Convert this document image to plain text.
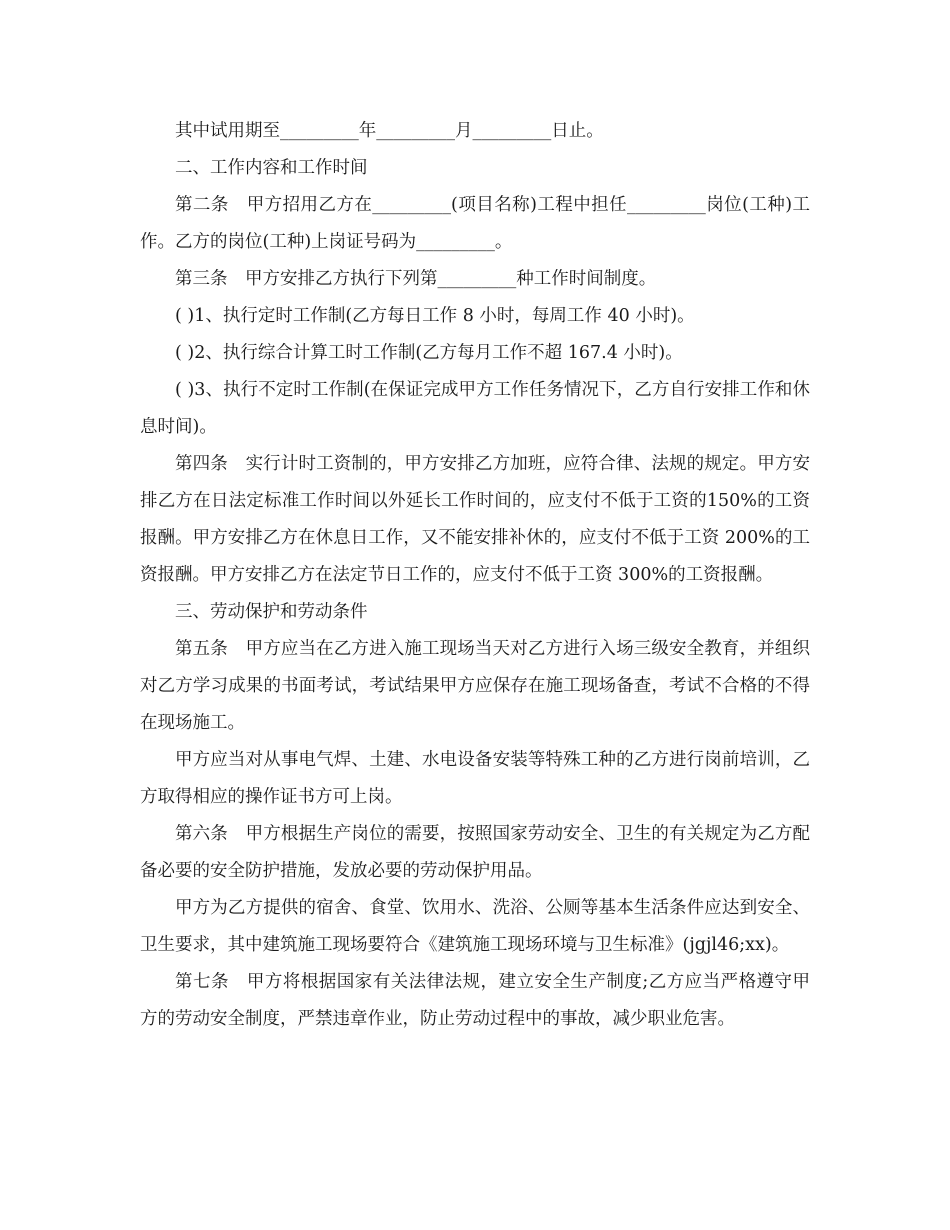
其中试用期至_________年_________月_________日止。

二、工作内容和工作时间

第二条　甲方招用乙方在_________(项目名称)工程中担任_________岗位(工种)工作。乙方的岗位(工种)上岗证号码为_________。

第三条　甲方安排乙方执行下列第_________种工作时间制度。

( )1、执行定时工作制(乙方每日工作 8 小时，每周工作 40 小时)。

( )2、执行综合计算工时工作制(乙方每月工作不超 167.4 小时)。

( )3、执行不定时工作制(在保证完成甲方工作任务情况下，乙方自行安排工作和休息时间)。

第四条　实行计时工资制的，甲方安排乙方加班，应符合律、法规的规定。甲方安排乙方在日法定标准工作时间以外延长工作时间的，应支付不低于工资的150%的工资报酬。甲方安排乙方在休息日工作，又不能安排补休的，应支付不低于工资 200%的工资报酬。甲方安排乙方在法定节日工作的，应支付不低于工资 300%的工资报酬。

三、劳动保护和劳动条件

第五条　甲方应当在乙方进入施工现场当天对乙方进行入场三级安全教育，并组织对乙方学习成果的书面考试，考试结果甲方应保存在施工现场备查，考试不合格的不得在现场施工。

甲方应当对从事电气焊、土建、水电设备安装等特殊工种的乙方进行岗前培训，乙方取得相应的操作证书方可上岗。

第六条　甲方根据生产岗位的需要，按照国家劳动安全、卫生的有关规定为乙方配备必要的安全防护措施，发放必要的劳动保护用品。

甲方为乙方提供的宿舍、食堂、饮用水、洗浴、公厕等基本生活条件应达到安全、卫生要求，其中建筑施工现场要符合《建筑施工现场环境与卫生标准》(jgjl46;xx)。

第七条　甲方将根据国家有关法律法规，建立安全生产制度;乙方应当严格遵守甲方的劳动安全制度，严禁违章作业，防止劳动过程中的事故，减少职业危害。
